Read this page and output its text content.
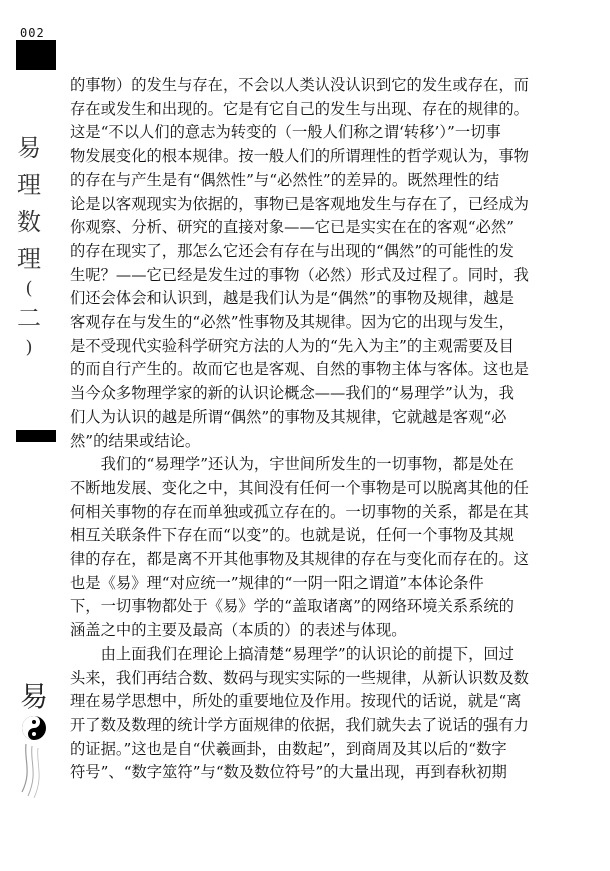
002
易
理
数
理
(
二
)
易
的事物）的发生与存在，不会以人类认没认识到它的发生或存在，而
存在或发生和出现的。它是有它自己的发生与出现、存在的规律的。
这是“不以人们的意志为转变的（一般人们称之谓‘转移’）”一切事
物发展变化的根本规律。按一般人们的所谓理性的哲学观认为，事物
的存在与产生是有“偶然性”与“必然性”的差异的。既然理性的结
论是以客观现实为依据的，事物已是客观地发生与存在了，已经成为
你观察、分析、研究的直接对象——它已是实实在在的客观“必然”
的存在现实了，那怎么它还会有存在与出现的“偶然”的可能性的发
生呢？——它已经是发生过的事物（必然）形式及过程了。同时，我
们还会体会和认识到，越是我们认为是“偶然”的事物及规律，越是
客观存在与发生的“必然”性事物及其规律。因为它的出现与发生，
是不受现代实验科学研究方法的人为的“先入为主”的主观需要及目
的而自行产生的。故而它也是客观、自然的事物主体与客体。这也是
当今众多物理学家的新的认识论概念——我们的“易理学”认为，我
们人为认识的越是所谓“偶然”的事物及其规律，它就越是客观“必
然”的结果或结论。
　　我们的“易理学”还认为，宇世间所发生的一切事物，都是处在
不断地发展、变化之中，其间没有任何一个事物是可以脱离其他的任
何相关事物的存在而单独或孤立存在的。一切事物的关系，都是在其
相互关联条件下存在而“以变”的。也就是说，任何一个事物及其规
律的存在，都是离不开其他事物及其规律的存在与变化而存在的。这
也是《易》理“对应统一”规律的“一阴一阳之谓道”本体论条件
下，一切事物都处于《易》学的“盖取诸离”的网络环境关系系统的
涵盖之中的主要及最高（本质的）的表述与体现。
　　由上面我们在理论上搞清楚“易理学”的认识论的前提下，回过
头来，我们再结合数、数码与现实实际的一些规律，从新认识数及数
理在易学思想中，所处的重要地位及作用。按现代的话说，就是“离
开了数及数理的统计学方面规律的依据，我们就失去了说话的强有力
的证据。”这也是自“伏羲画卦，由数起”，到商周及其以后的“数字
符号”、“数字筮符”与“数及数位符号”的大量出现，再到春秋初期
